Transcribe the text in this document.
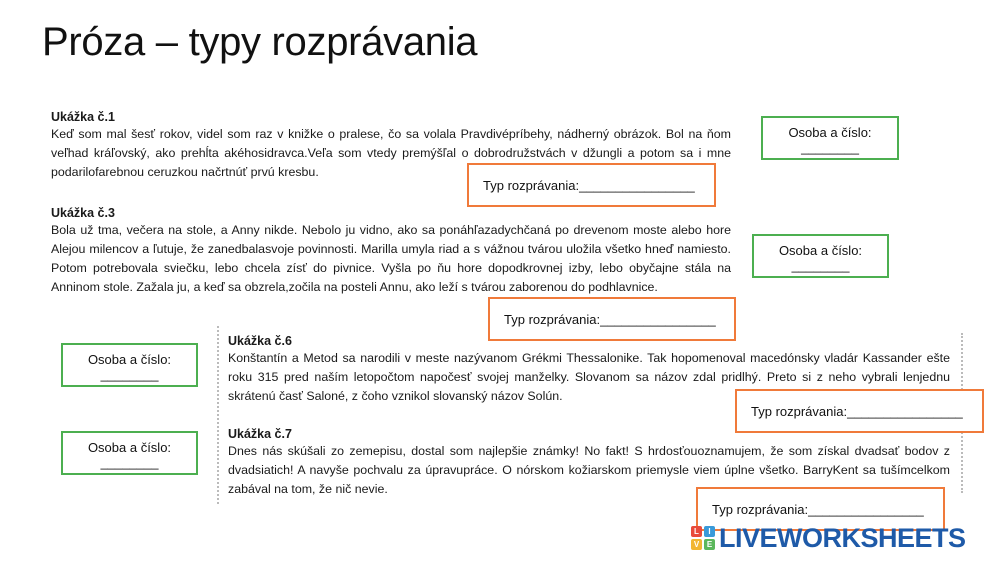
Próza – typy rozprávania
Ukážka č.1

Keď som mal šesť rokov, videl som raz v knižke o pralese, čo sa volala Pravdivépríbehy, nádherný obrázok. Bol na ňom veľhad kráľovský, ako prehĺta akéhosidravca.Veľa som vtedy premýšľal o dobrodružstvách v džungli a potom sa i mne podarilofarebnou ceruzkou načrtnúť prvú kresbu.

Ukážka č.3

Bola už tma, večera na stole, a Anny nikde. Nebolo ju vidno, ako sa ponáhľazadychčaná po drevenom moste alebo hore Alejou milencov a ľutuje, že zanedbalasvoje povinnosti. Marilla umyla riad a s vážnou tvárou uložila všetko hneď namiesto. Potom potrebovala sviečku, lebo chcela zísť do pivnice. Vyšla po ňu hore dopodkrovnej izby, lebo obyčajne stála na Anninom stole. Zažala ju, a keď sa obzrela,zočila na posteli Annu, ako leží s tvárou zaborenou do podhlavnice.

Ukážka č.6

Konštantín a Metod sa narodili v meste nazývanom Grékmi Thessalonike. Tak hopomenoval macedónsky vladár Kassander ešte roku 315 pred naším letopočtom napočesť svojej manželky. Slovanom sa názov zdal pridlhý. Preto si z neho vybrali lenjednu skrátenú časť Saloné, z čoho vznikol slovanský názov Solún.

Ukážka č.7

Dnes nás skúšali zo zemepisu, dostal som najlepšie známky! No fakt! S hrdosťouoznamujem, že som získal dvadsať bodov z dvadsiatich! A navyše pochvalu za úpravupráce. O nórskom kožiarskom priemysle viem úplne všetko. BarryKent sa tušímcelkom zabával na tom, že nič nevie.

Osoba a číslo:
________
Osoba a číslo:
________
Osoba a číslo:
________
Osoba a číslo:
________
Typ rozprávania:________________
Typ rozprávania:________________
Typ rozprávania:________________
Typ rozprávania:________________
L	I
V E LIVEWORKSHEETS
